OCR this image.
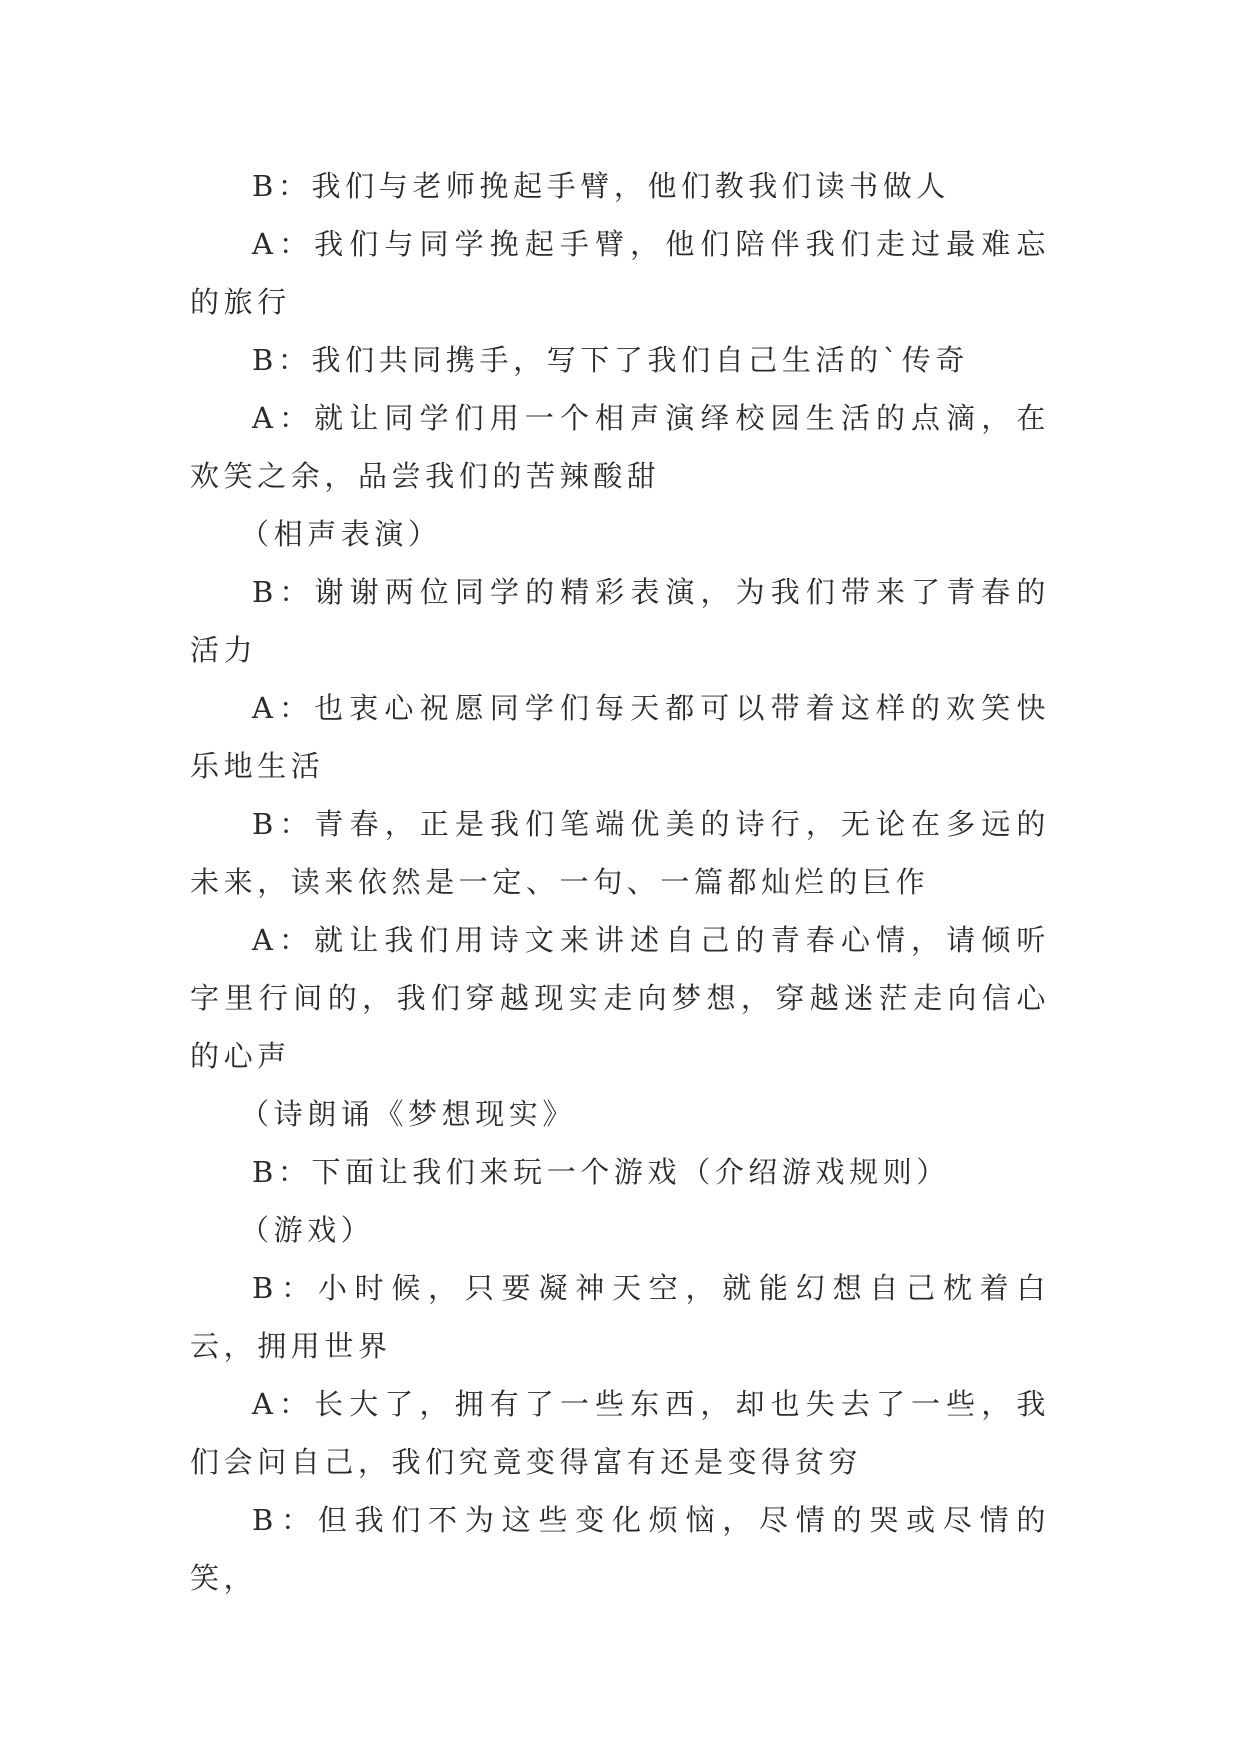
B：我们与老师挽起手臂，他们教我们读书做人

A：我们与同学挽起手臂，他们陪伴我们走过最难忘的旅行

B：我们共同携手，写下了我们自己生活的`传奇

A：就让同学们用一个相声演绎校园生活的点滴，在欢笑之余，品尝我们的苦辣酸甜

（相声表演）

B：谢谢两位同学的精彩表演，为我们带来了青春的活力

A：也衷心祝愿同学们每天都可以带着这样的欢笑快乐地生活

B：青春，正是我们笔端优美的诗行，无论在多远的未来，读来依然是一定、一句、一篇都灿烂的巨作

A：就让我们用诗文来讲述自己的青春心情，请倾听字里行间的，我们穿越现实走向梦想，穿越迷茫走向信心的心声

（诗朗诵《梦想现实》

B：下面让我们来玩一个游戏（介绍游戏规则）

（游戏）

B：小时候，只要凝神天空，就能幻想自己枕着白云，拥用世界

A：长大了，拥有了一些东西，却也失去了一些，我们会问自己，我们究竟变得富有还是变得贫穷

B：但我们不为这些变化烦恼，尽情的哭或尽情的笑，
